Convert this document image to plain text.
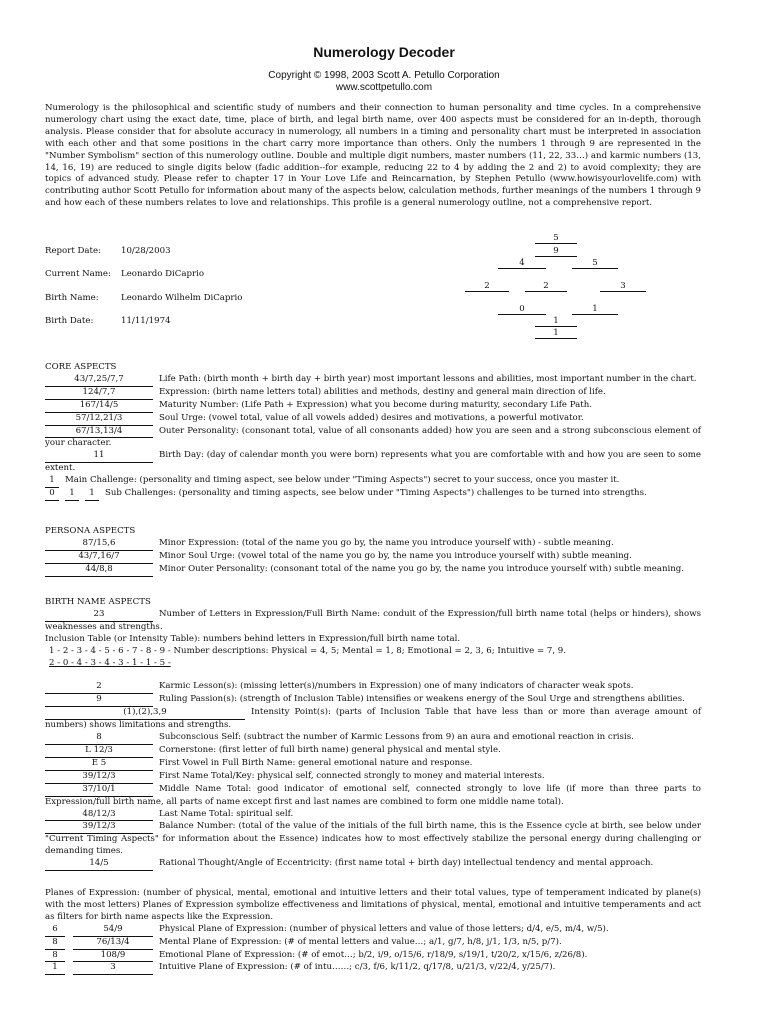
Numerology Decoder
Copyright © 1998, 2003 Scott A. Petullo Corporation
www.scottpetullo.com
Numerology is the philosophical and scientific study of numbers and their connection to human personality and time cycles. In a comprehensive numerology chart using the exact date, time, place of birth, and legal birth name, over 400 aspects must be considered for an in-depth, thorough analysis. Please consider that for absolute accuracy in numerology, all numbers in a timing and personality chart must be interpreted in association with each other and that some positions in the chart carry more importance than others. Only the numbers 1 through 9 are represented in the "Number Symbolism" section of this numerology outline. Double and multiple digit numbers, master numbers (11, 22, 33…) and karmic numbers (13, 14, 16, 19) are reduced to single digits below (fadic addition--for example, reducing 22 to 4 by adding the 2 and 2) to avoid complexity; they are topics of advanced study. Please refer to chapter 17 in Your Love Life and Reincarnation, by Stephen Petullo (www.howisyourlovelife.com) with contributing author Scott Petullo for information about many of the aspects below, calculation methods, further meanings of the numbers 1 through 9 and how each of these numbers relates to love and relationships. This profile is a general numerology outline, not a comprehensive report.
Report Date: 10/28/2003
Current Name: Leonardo DiCaprio
Birth Name:	Leonardo Wilhelm DiCaprio
Birth Date:	11/11/1974
5
9
4	5
2	2	3
0	1
1
1
CORE ASPECTS
43/7,25/7,7	Life Path: (birth month + birth day + birth year) most important lessons and abilities, most important number in the chart.
124/7,7	Expression: (birth name letters total) abilities and methods, destiny and general main direction of life.
167/14/5	Maturity Number: (Life Path + Expression) what you become during maturity, secondary Life Path.
57/12,21/3	Soul Urge: (vowel total, value of all vowels added) desires and motivations, a powerful motivator.
67/13,13/4	Outer Personality: (consonant total, value of all consonants added) how you are seen and a strong subconscious element of your character.
11	Birth Day: (day of calendar month you were born) represents what you are comfortable with and how you are seen to some extent.
1 Main Challenge: (personality and timing aspect, see below under "Timing Aspects") secret to your success, once you master it.
0 1 1 Sub Challenges: (personality and timing aspects, see below under "Timing Aspects") challenges to be turned into strengths.
PERSONA ASPECTS
87/15,6	Minor Expression: (total of the name you go by, the name you introduce yourself with) - subtle meaning.
43/7,16/7	Minor Soul Urge: (vowel total of the name you go by, the name you introduce yourself with) subtle meaning.
44/8,8	Minor Outer Personality: (consonant total of the name you go by, the name you introduce yourself with) subtle meaning.
BIRTH NAME ASPECTS
23	Number of Letters in Expression/Full Birth Name: conduit of the Expression/full birth name total (helps or hinders), shows weaknesses and strengths.
Inclusion Table (or Intensity Table): numbers behind letters in Expression/full birth name total.
1 - 2 - 3 - 4 - 5 - 6 - 7 - 8 - 9 - Number descriptions: Physical = 4, 5; Mental = 1, 8; Emotional = 2, 3, 6; Intuitive = 7, 9.
2 - 0 - 4 - 3 - 4 - 3 - 1 - 1 - 5 -
2	Karmic Lesson(s): (missing letter(s)/numbers in Expression) one of many indicators of character weak spots.
9	Ruling Passion(s): (strength of Inclusion Table) intensifies or weakens energy of the Soul Urge and strengthens abilities.
(1),(2),3,9	Intensity Point(s): (parts of Inclusion Table that have less than or more than average amount of numbers) shows limitations and strengths.
8	Subconscious Self: (subtract the number of Karmic Lessons from 9) an aura and emotional reaction in crisis.
L 12/3	Cornerstone: (first letter of full birth name) general physical and mental style.
E 5	First Vowel in Full Birth Name: general emotional nature and response.
39/12/3	First Name Total/Key: physical self, connected strongly to money and material interests.
37/10/1	Middle Name Total: good indicator of emotional self, connected strongly to love life (if more than three parts to Expression/full birth name, all parts of name except first and last names are combined to form one middle name total).
48/12/3	Last Name Total: spiritual self.
39/12/3	Balance Number: (total of the value of the initials of the full birth name, this is the Essence cycle at birth, see below under "Current Timing Aspects" for information about the Essence) indicates how to most effectively stabilize the personal energy during challenging or demanding times.
14/5	Rational Thought/Angle of Eccentricity: (first name total + birth day) intellectual tendency and mental approach.
Planes of Expression: (number of physical, mental, emotional and intuitive letters and their total values, type of temperament indicated by plane(s) with the most letters) Planes of Expression symbolize effectiveness and limitations of physical, mental, emotional and intuitive temperaments and act as filters for birth name aspects like the Expression.
6	54/9	Physical Plane of Expression: (number of physical letters and value of those letters; d/4, e/5, m/4, w/5).
8	76/13/4	Mental Plane of Expression: (# of mental letters and value…; a/1, g/7, h/8, j/1, 1/3, n/5, p/7).
8	108/9	Emotional Plane of Expression: (# of emot…; b/2, i/9, o/15/6, r/18/9, s/19/1, t/20/2, x/15/6, z/26/8).
1	3	Intuitive Plane of Expression: (# of intu……; c/3, f/6, k/11/2, q/17/8, u/21/3, v/22/4, y/25/7).
